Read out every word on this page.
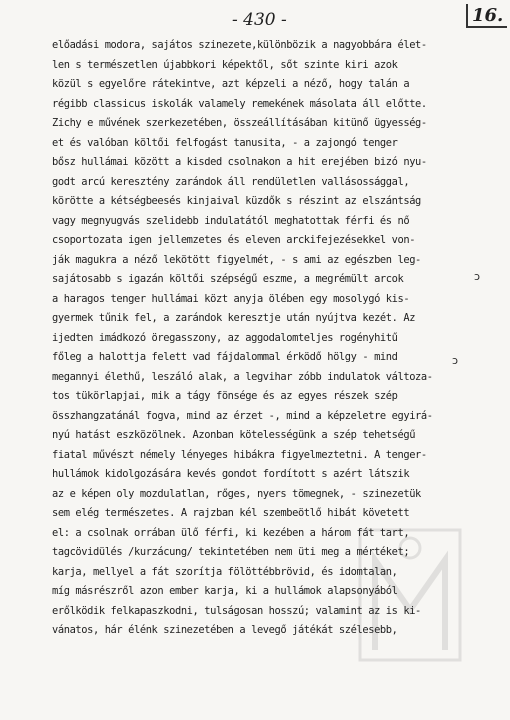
- 430 -	16.
előadási modora, sajátos szinezete,különbözik a nagyobbára élet-
len s természetlen újabbkori képektől, sőt szinte kiri azok
közül s egyelőre rátekintve, azt képzeli a néző, hogy talán a
régibb classicus iskolák valamely remekének másolata áll előtte.
Zichy e művének szerkezetében, összeállításában kitünő ügyesség-
et és valóban költői felfogást tanusita, - a zajongó tenger
bősz hullámai között a kisded csolnakon a hit erejében bizó nyu-
godt arcú keresztény zarándok áll rendületlen vallásossággal,
körötte a kétségbeesés kinjaival küzdők s részint az elszántság
vagy megnyugvás szelidebb indulatától meghatottak férfi és nő
csoportozata igen jellemzetes és eleven arckifejezésekkel von-
ják magukra a néző lekötött figyelmét, - s ami az egészben leg-
sajátosabb s igazán költői szépségű eszme, a megrémült arcok
a haragos tenger hullámai közt anyja ölében egy mosolygó kis-
gyermek tűnik fel, a zarándok keresztje után nyújtva kezét. Az
ijedten imádkozó öregasszony, az aggodalomteljes rogényhitű
főleg a halottja felett vad fájdalommal érködő hölgy - mind
megannyi élethű, leszáló alak, a legvihar zóbb indulatok változa-
tos tükörlapjai, mik a tágy fönsége és az egyes részek szép
összhangzatánál fogva, mind az érzet -, mind a képzeletre egyirá-
nyú hatást eszközölnek. Azonban kötelességünk a szép tehetségű
fiatal művészt némely lényeges hibákra figyelmeztetni. A tenger-
hullámok kidolgozására kevés gondot fordított s azért látszik
az e képen oly mozdulatlan, rőges, nyers tömegnek, - szinezetük
sem elég természetes. A rajzban kél szembeötlő hibát követett
el: a csolnak orrában ülő férfi, ki kezében a három fát tart,
tagcövidülés /kurzácung/ tekintetében nem üti meg a mértéket;
karja, mellyel a fát szorítja fölöttébbrövid, és idomtalan,
míg másrészről azon ember karja, ki a hullámok alapsonyából
erőlködik felkapaszkodni, tulságosan hosszú; valamint az is ki-
vánatos, hár élénk szinezetében a levegő játékát szélesebb,
ↄ
ↄ
